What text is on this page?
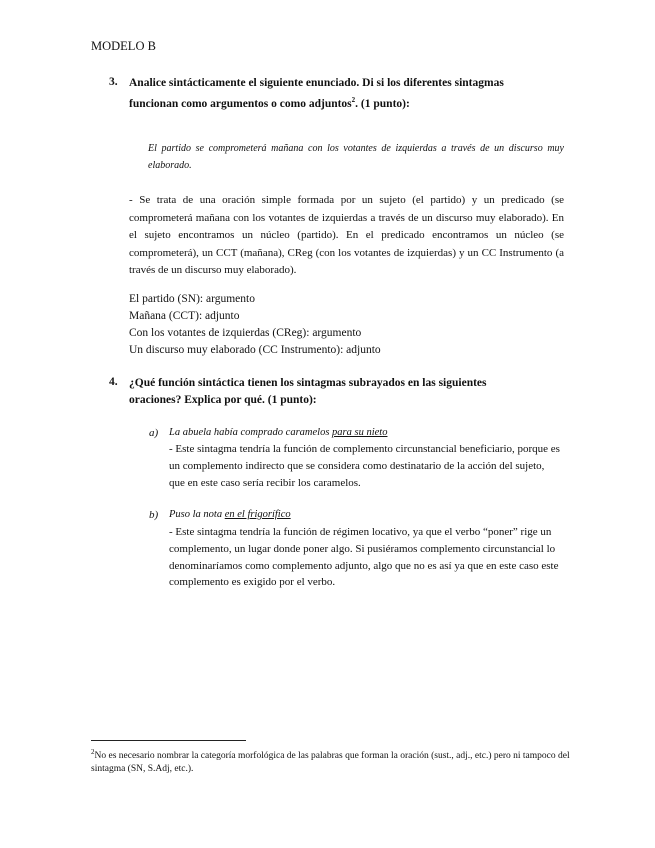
MODELO B
3. Analice sintácticamente el siguiente enunciado. Di si los diferentes sintagmas
funcionan como argumentos o como adjuntos$^2$. (1 punto):
El partido se comprometerá mañana con los votantes de izquierdas a través de un discurso muy elaborado.
- Se trata de una oración simple formada por un sujeto (el partido) y un predicado (se comprometerá mañana con los votantes de izquierdas a través de un discurso muy elaborado). En el sujeto encontramos un núcleo (partido). En el predicado encontramos un núcleo (se comprometerá), un CCT (mañana), CReg (con los votantes de izquierdas) y un CC Instrumento (a través de un discurso muy elaborado).
El partido (SN): argumento
Mañana (CCT): adjunto
Con los votantes de izquierdas (CReg): argumento
Un discurso muy elaborado (CC Instrumento): adjunto
4. ¿Qué función sintáctica tienen los sintagmas subrayados en las siguientes
oraciones? Explica por qué. (1 punto):
a) La abuela había comprado caramelos para su nieto
- Este sintagma tendría la función de complemento circunstancial beneficiario, porque es un complemento indirecto que se considera como destinatario de la acción del sujeto, que en este caso sería recibir los caramelos.
b) Puso la nota en el frigorífico
- Este sintagma tendría la función de régimen locativo, ya que el verbo “poner” rige un complemento, un lugar donde poner algo. Si pusiéramos complemento circunstancial lo denominaríamos como complemento adjunto, algo que no es así ya que en este caso este complemento es exigido por el verbo.
$^2$No es necesario nombrar la categoría morfológica de las palabras que forman la oración (sust., adj., etc.) pero ni tampoco del sintagma (SN, S.Adj, etc.).
